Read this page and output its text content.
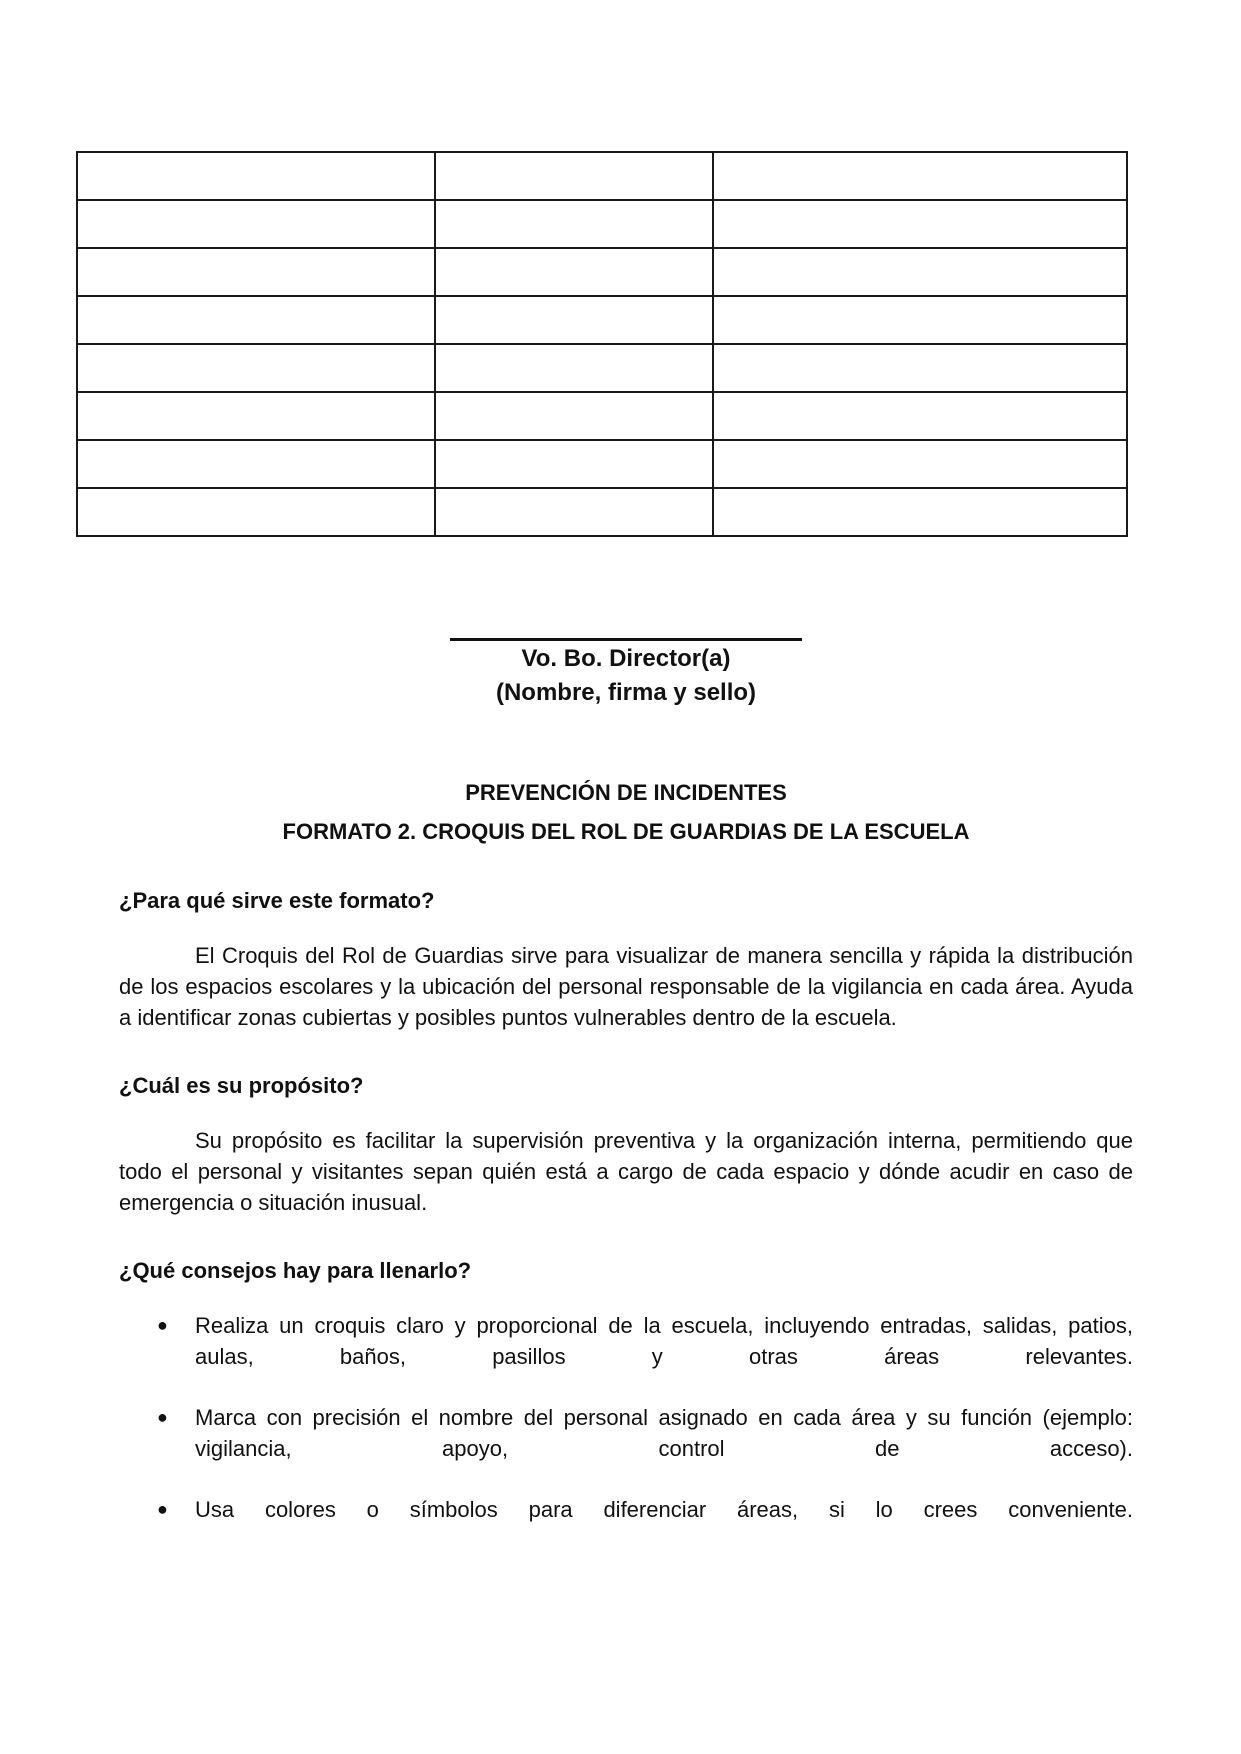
Vo. Bo. Director(a)
(Nombre, firma y sello)
PREVENCIÓN DE INCIDENTES
FORMATO 2. CROQUIS DEL ROL DE GUARDIAS DE LA ESCUELA
¿Para qué sirve este formato?
El Croquis del Rol de Guardias sirve para visualizar de manera sencilla y rápida la distribución de los espacios escolares y la ubicación del personal responsable de la vigilancia en cada área. Ayuda a identificar zonas cubiertas y posibles puntos vulnerables dentro de la escuela.
¿Cuál es su propósito?
Su propósito es facilitar la supervisión preventiva y la organización interna, permitiendo que todo el personal y visitantes sepan quién está a cargo de cada espacio y dónde acudir en caso de emergencia o situación inusual.
¿Qué consejos hay para llenarlo?
● Realiza un croquis claro y proporcional de la escuela, incluyendo entradas, salidas, patios, aulas, baños, pasillos y otras áreas relevantes.
● Marca con precisión el nombre del personal asignado en cada área y su función (ejemplo: vigilancia, apoyo, control de acceso).
● Usa colores o símbolos para diferenciar áreas, si lo crees conveniente.
